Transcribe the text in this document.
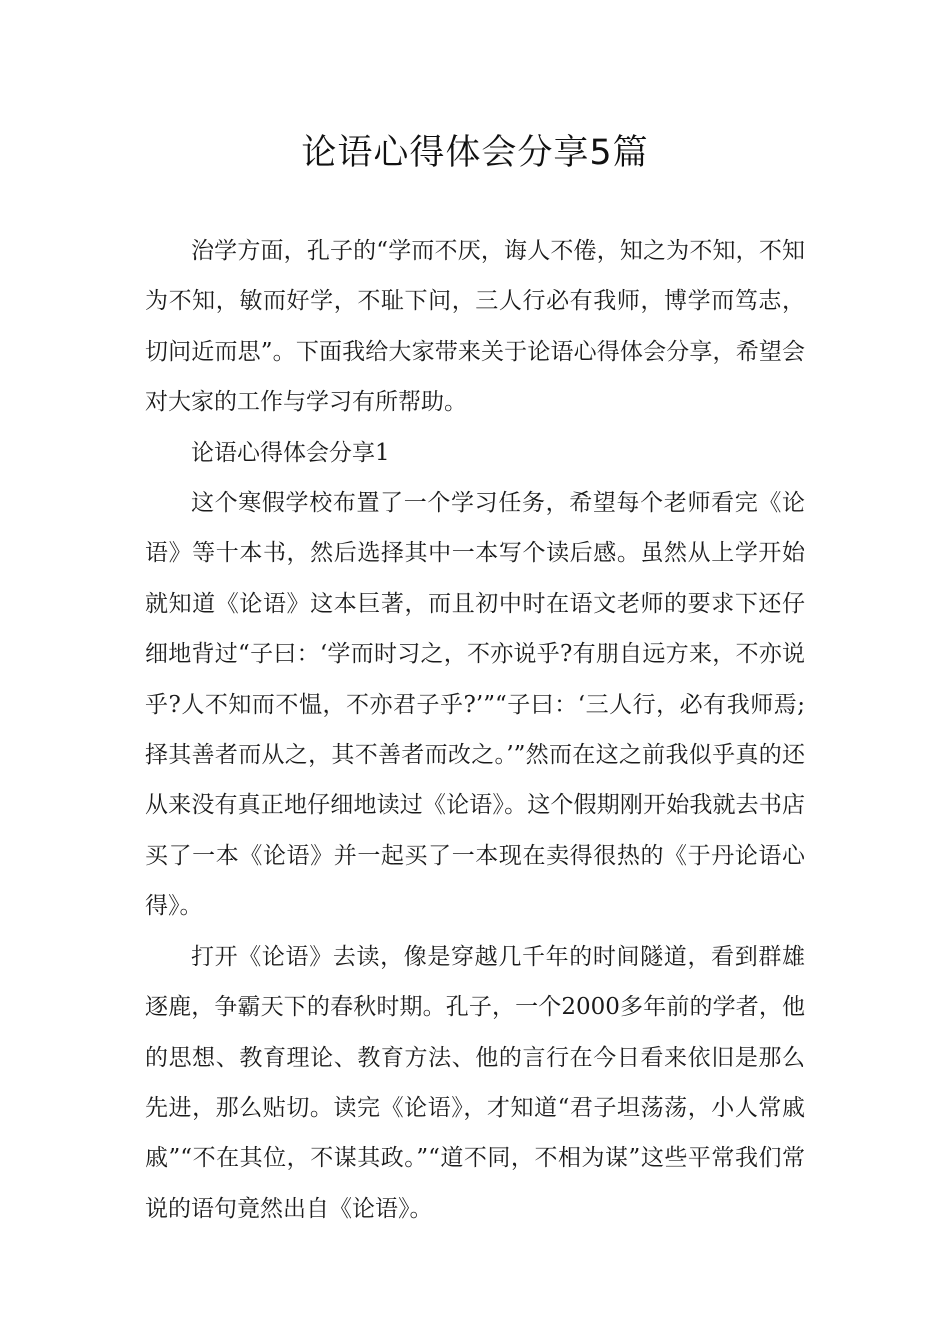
论语心得体会分享5篇

治学方面，孔子的“学而不厌，诲人不倦，知之为不知，不知为不知，敏而好学，不耻下问，三人行必有我师，博学而笃志，切问近而思”。下面我给大家带来关于论语心得体会分享，希望会对大家的工作与学习有所帮助。

论语心得体会分享1

这个寒假学校布置了一个学习任务，希望每个老师看完《论语》等十本书，然后选择其中一本写个读后感。虽然从上学开始就知道《论语》这本巨著，而且初中时在语文老师的要求下还仔细地背过“子曰：‘学而时习之，不亦说乎?有朋自远方来，不亦说乎?人不知而不愠，不亦君子乎?’”“子曰：‘三人行，必有我师焉;择其善者而从之，其不善者而改之。’”然而在这之前我似乎真的还从来没有真正地仔细地读过《论语》。这个假期刚开始我就去书店买了一本《论语》并一起买了一本现在卖得很热的《于丹论语心得》。

打开《论语》去读，像是穿越几千年的时间隧道，看到群雄逐鹿，争霸天下的春秋时期。孔子，一个2000多年前的学者，他的思想、教育理论、教育方法、他的言行在今日看来依旧是那么先进，那么贴切。读完《论语》，才知道“君子坦荡荡，小人常戚戚”“不在其位，不谋其政。”“道不同，不相为谋”这些平常我们常说的语句竟然出自《论语》。
